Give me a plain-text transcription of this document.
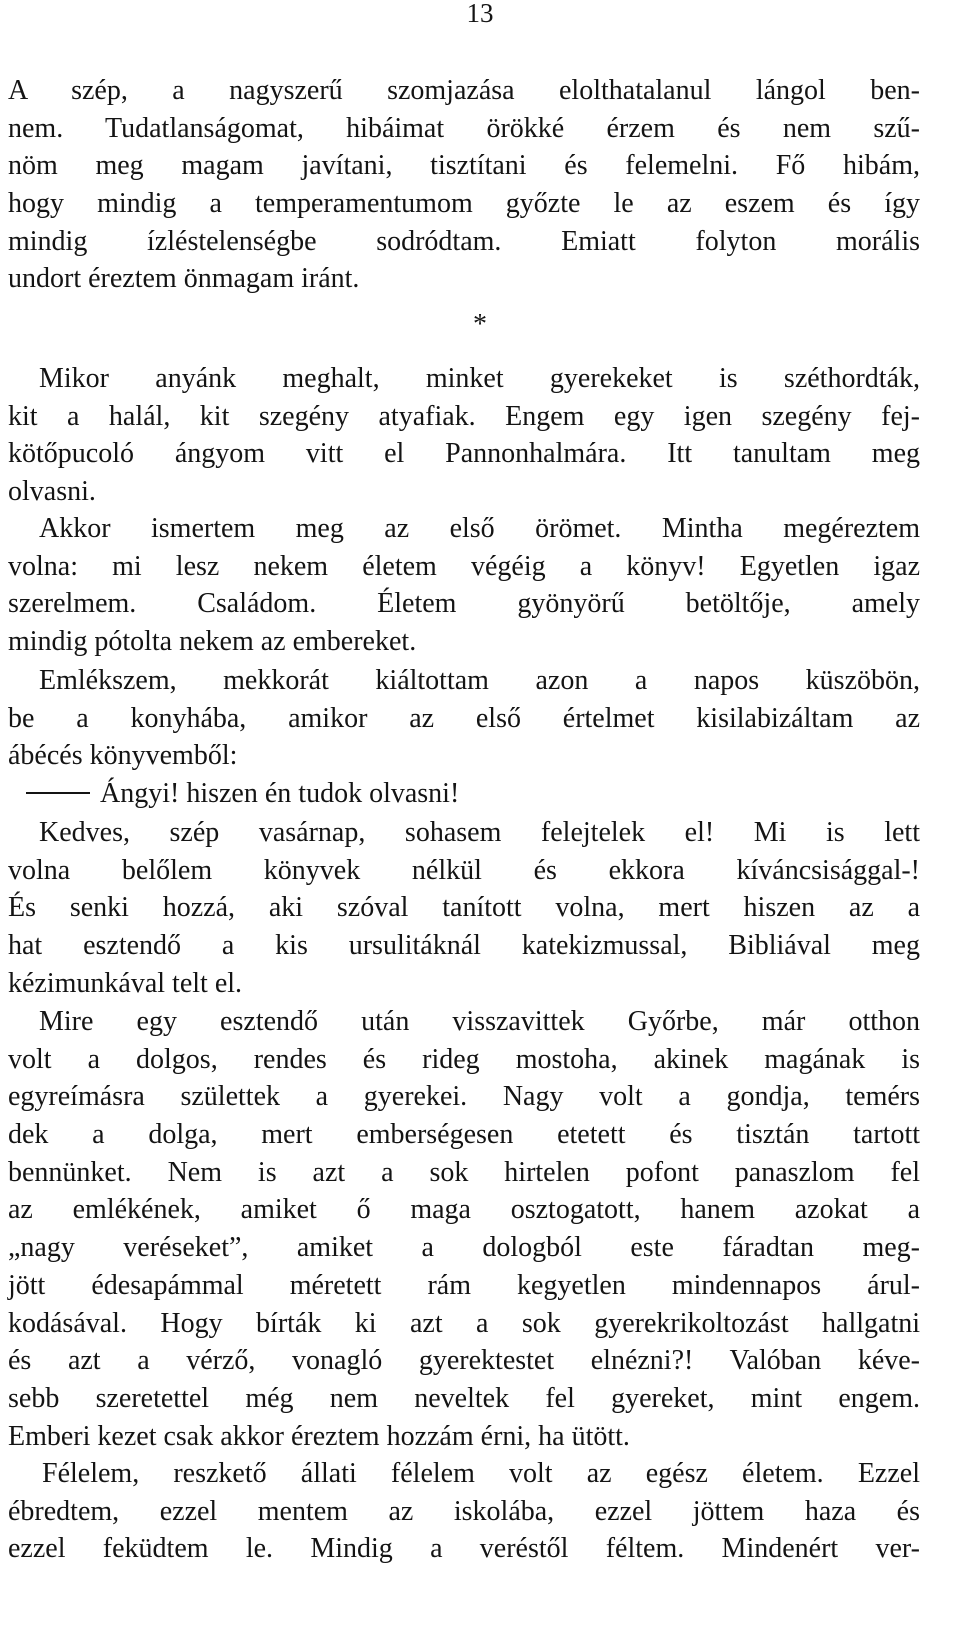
13
A szép, a nagyszerű szomjazása elolthatalanul lángol ben-
nem. Tudatlanságomat, hibáimat örökké érzem és nem szű-
nöm meg magam javítani, tisztítani és felemelni. Fő hibám,
hogy mindig a temperamentumom győzte le az eszem és így
mindig ízléstelenségbe sodródtam. Emiatt folyton morális
undort éreztem önmagam iránt.
*
Mikor anyánk meghalt, minket gyerekeket is széthordták,
kit a halál, kit szegény atyafiak. Engem egy igen szegény fej-
kötőpucoló ángyom vitt el Pannonhalmára. Itt tanultam meg
olvasni.
Akkor ismertem meg az első örömet. Mintha megéreztem
volna: mi lesz nekem életem végéig a könyv! Egyetlen igaz
szerelmem. Családom. Életem gyönyörű betöltője, amely
mindig pótolta nekem az embereket.
Emlékszem, mekkorát kiáltottam azon a napos küszöbön,
be a konyhába, amikor az első értelmet kisilabizáltam az
ábécés könyvemből:
Ángyi! hiszen én tudok olvasni!
Kedves, szép vasárnap, sohasem felejtelek el! Mi is lett
volna belőlem könyvek nélkül és ekkora kíváncsisággal-!
És senki hozzá, aki szóval tanított volna, mert hiszen az a
hat esztendő a kis ursulitáknál katekizmussal, Bibliával meg
kézimunkával telt el.
Mire egy esztendő után visszavittek Győrbe, már otthon
volt a dolgos, rendes és rideg mostoha, akinek magának is
egyreímásra születtek a gyerekei. Nagy volt a gondja, temérs
dek a dolga, mert emberségesen etetett és tisztán tartott
bennünket. Nem is azt a sok hirtelen pofont panaszlom fel
az emlékének, amiket ő maga osztogatott, hanem azokat a
„nagy veréseket”, amiket a dologból este fáradtan meg-
jött édesapámmal méretett rám kegyetlen mindennapos árul-
kodásával. Hogy bírták ki azt a sok gyerekrikoltozást hallgatni
és azt a vérző, vonagló gyerektestet elnézni?! Valóban kéve-
sebb szeretettel még nem neveltek fel gyereket, mint engem.
Emberi kezet csak akkor éreztem hozzám érni, ha ütött.
Félelem, reszkető állati félelem volt az egész életem. Ezzel
ébredtem, ezzel mentem az iskolába, ezzel jöttem haza és
ezzel feküdtem le. Mindig a veréstől féltem. Mindenért ver-
